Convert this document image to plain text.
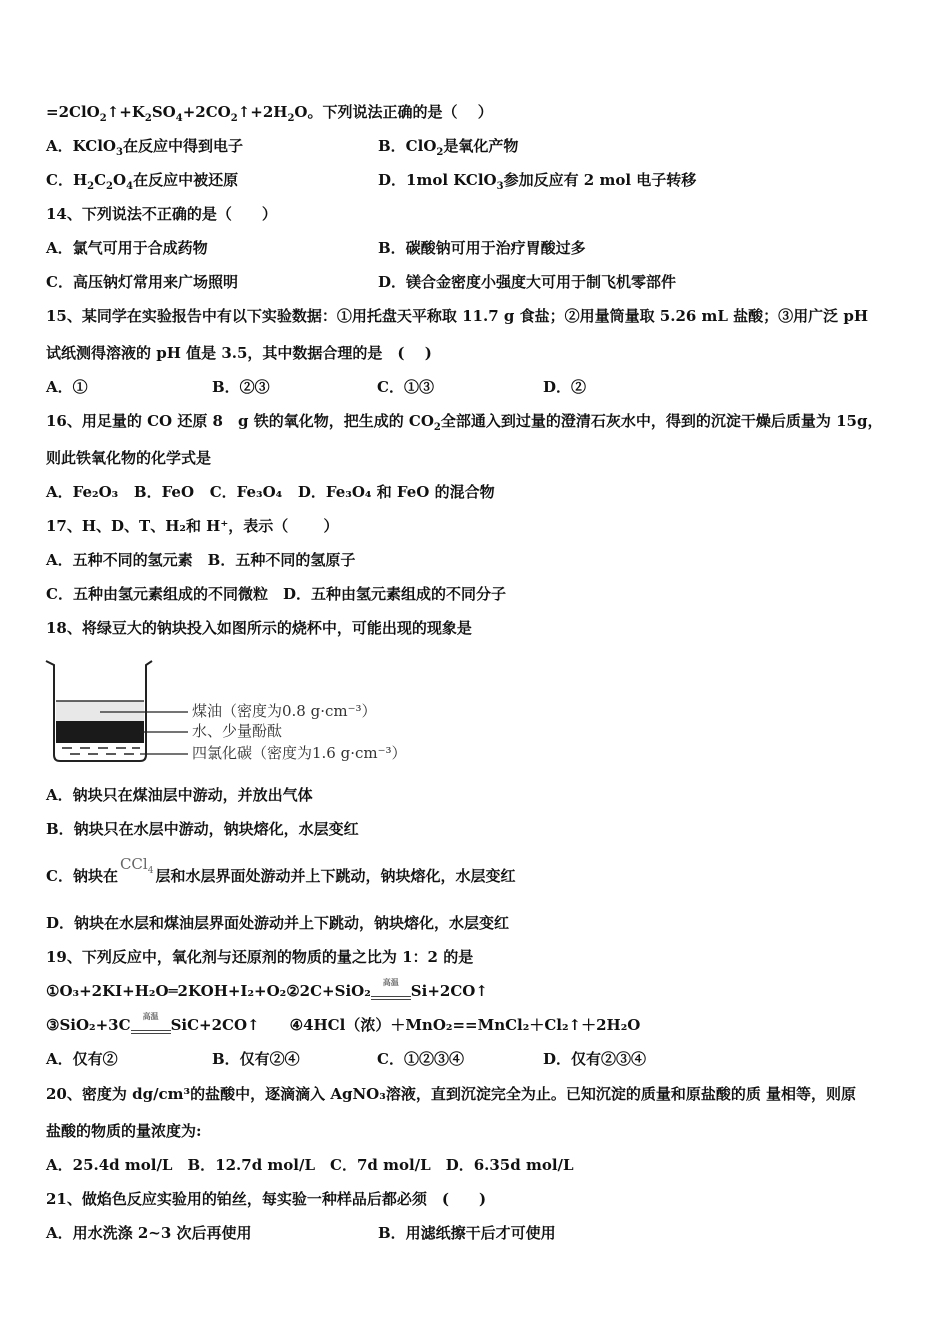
$=2ClO_2↑+K_2SO_4+2CO_2↑+2H_2O$。下列说法正确的是（　 ）
A．KClO$_3$在反应中得到电子	B．ClO$_2$是氧化产物
C．$H_2C_2O_4$在反应中被还原	D．1mol KClO$_3$参加反应有 2 mol 电子转移
14、下列说法不正确的是（　　）
A．氯气可用于合成药物	B．碳酸钠可用于治疗胃酸过多
C．高压钠灯常用来广场照明	D．镁合金密度小强度大可用于制飞机零部件
15、某同学在实验报告中有以下实验数据：①用托盘天平称取 11.7 g 食盐；②用量筒量取 5.26 mL 盐酸；③用广泛 pH
试纸测得溶液的 pH 值是 3.5，其中数据合理的是　( 　)
A．①	B．②③	C．①③	D．②
16、用足量的 CO 还原 8　g 铁的氧化物，把生成的 $CO_2$全部通入到过量的澄清石灰水中，得到的沉淀干燥后质量为 15g，
则此铁氧化物的化学式是
A．Fe₂O₃ B．FeO C．Fe₃O₄ D．Fe₃O₄ 和 FeO 的混合物
17、H、D、T、H₂和 H⁺，表示（　　 ）
A．五种不同的氢元素　B．五种不同的氢原子
C．五种由氢元素组成的不同微粒　D．五种由氢元素组成的不同分子
18、将绿豆大的钠块投入如图所示的烧杯中，可能出现的现象是
煤油（密度为0.8 g·cm⁻³）
水、少量酚酞
四氯化碳（密度为1.6 g·cm⁻³）
A．钠块只在煤油层中游动，并放出气体
B．钠块只在水层中游动，钠块熔化，水层变红
C．钠块在CCl$_4$ 层和水层界面处游动并上下跳动，钠块熔化，水层变红
D．钠块在水层和煤油层界面处游动并上下跳动，钠块熔化，水层变红
19、下列反应中，氧化剂与还原剂的物质的量之比为 1：2 的是
①O₃+2KI+H₂O═2KOH+I₂+O₂②2C+SiO₂	高温 Si+2CO↑
③SiO₂+3C	高温 SiC+2CO↑ ④4HCl（浓）＋MnO₂==MnCl₂＋Cl₂↑＋2H₂O
A．仅有②	B．仅有②④	C．①②③④	D．仅有②③④
20、密度为 dg/cm³的盐酸中，逐滴滴入 AgNO₃溶液，直到沉淀完全为止。已知沉淀的质量和原盐酸的质 量相等，则原
盐酸的物质的量浓度为:
A．25.4d mol/L　B．12.7d mol/L　C．7d mol/L　D．6.35d mol/L
21、做焰色反应实验用的铂丝，每实验一种样品后都必须　(　　)
A．用水洗涤 2~3 次后再使用	B．用滤纸擦干后才可使用
